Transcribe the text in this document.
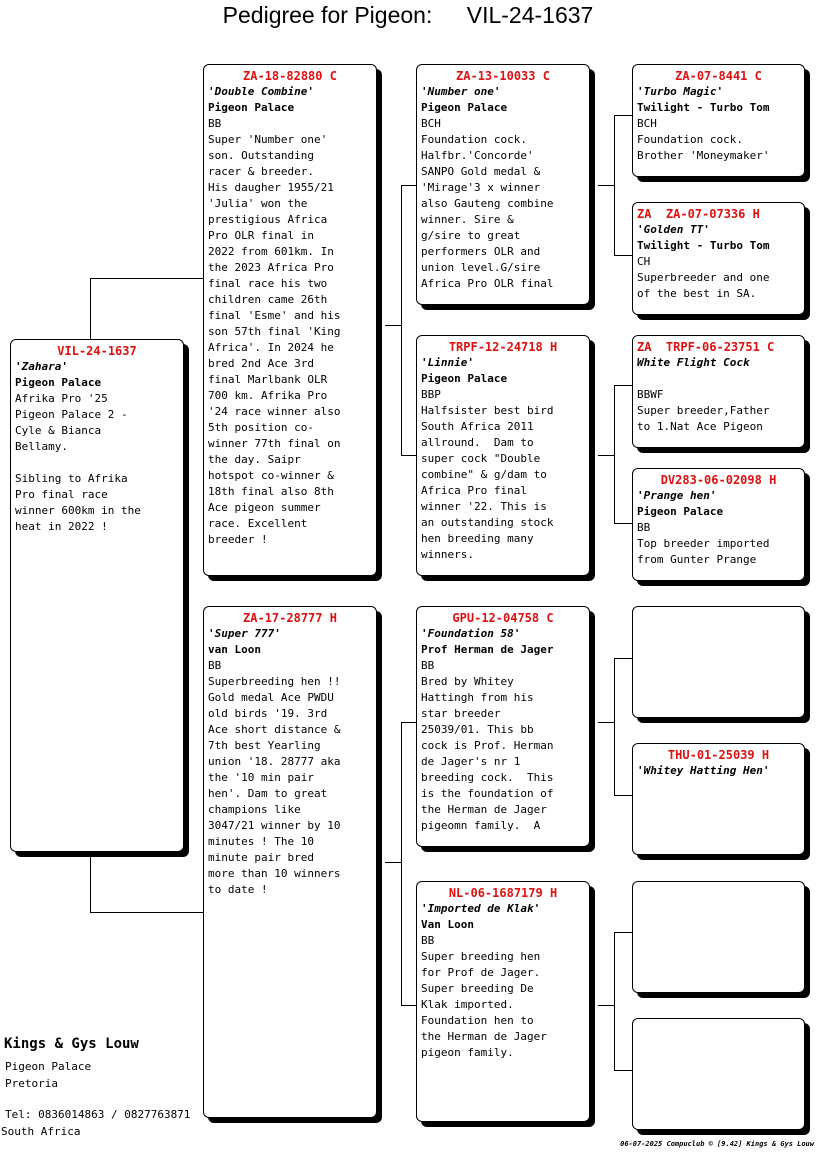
Pedigree for Pigeon: VIL-24-1637
VIL-24-1637
'Zahara'
Pigeon Palace
Afrika Pro '25
Pigeon Palace 2 -
Cyle & Bianca
Bellamy.

Sibling to Afrika
Pro final race
winner 600km in the
heat in 2022 !
ZA-18-82880 C
'Double Combine'
Pigeon Palace
BB
Super 'Number one'
son. Outstanding
racer & breeder.
His daugher 1955/21
'Julia' won the
prestigious Africa
Pro OLR final in
2022 from 601km. In
the 2023 Africa Pro
final race his two
children came 26th
final 'Esme' and his
son 57th final 'King
Africa'. In 2024 he
bred 2nd Ace 3rd
final Marlbank OLR
700 km. Afrika Pro
'24 race winner also
5th position co-
winner 77th final on
the day. Saipr
hotspot co-winner &
18th final also 8th
Ace pigeon summer
race. Excellent
breeder !
ZA-17-28777 H
'Super 777'
van Loon
BB
Superbreeding hen !!
Gold medal Ace PWDU
old birds '19. 3rd
Ace short distance &
7th best Yearling
union '18. 28777 aka
the '10 min pair
hen'. Dam to great
champions like
3047/21 winner by 10
minutes ! The 10
minute pair bred
more than 10 winners
to date !
ZA-13-10033 C
'Number one'
Pigeon Palace
BCH
Foundation cock.
Halfbr.'Concorde'
SANPO Gold medal &
'Mirage'3 x winner
also Gauteng combine
winner. Sire &
g/sire to great
performers OLR and
union level.G/sire
Africa Pro OLR final
TRPF-12-24718 H
'Linnie'
Pigeon Palace
BBP
Halfsister best bird
South Africa 2011
allround.  Dam to
super cock "Double
combine" & g/dam to
Africa Pro final
winner '22. This is
an outstanding stock
hen breeding many
winners.
GPU-12-04758 C
'Foundation 58'
Prof Herman de Jager
BB
Bred by Whitey
Hattingh from his
star breeder
25039/01. This bb
cock is Prof. Herman
de Jager's nr 1
breeding cock.  This
is the foundation of
the Herman de Jager
pigeomn family.  A
NL-06-1687179 H
'Imported de Klak'
Van Loon
BB
Super breeding hen
for Prof de Jager.
Super breeding De
Klak imported.
Foundation hen to
the Herman de Jager
pigeon family.
ZA-07-8441 C
'Turbo Magic'
Twilight - Turbo Tom
BCH
Foundation cock.
Brother 'Moneymaker'
ZA  ZA-07-07336 H
'Golden TT'
Twilight - Turbo Tom
CH
Superbreeder and one
of the best in SA.
ZA  TRPF-06-23751 C
White Flight Cock
BBWF
Super breeder,Father
to 1.Nat Ace Pigeon
DV283-06-02098 H
'Prange hen'
Pigeon Palace
BB
Top breeder imported
from Gunter Prange
THU-01-25039 H
'Whitey Hatting Hen'
Kings & Gys Louw
Pigeon Palace
Pretoria
Tel: 0836014863 / 0827763871
South Africa
06-07-2025 Compuclub © [9.42] Kings & Gys Louw
